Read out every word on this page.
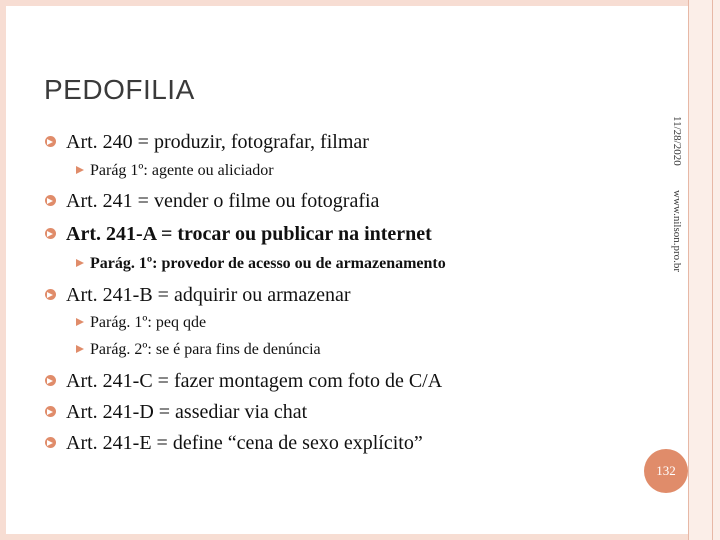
PEDOFILIA
Art. 240 = produzir, fotografar, filmar
Parág 1º: agente ou aliciador
Art. 241 = vender o filme ou fotografia
Art. 241-A = trocar ou publicar na internet
Parág. 1º: provedor de acesso ou de armazenamento
Art. 241-B = adquirir ou armazenar
Parág. 1º: peq qde
Parág. 2º: se é para fins de denúncia
Art. 241-C = fazer montagem com foto de C/A
Art. 241-D = assediar via chat
Art. 241-E = define “cena de sexo explícito”
11/28/2020
www.nilson.pro.br
132
